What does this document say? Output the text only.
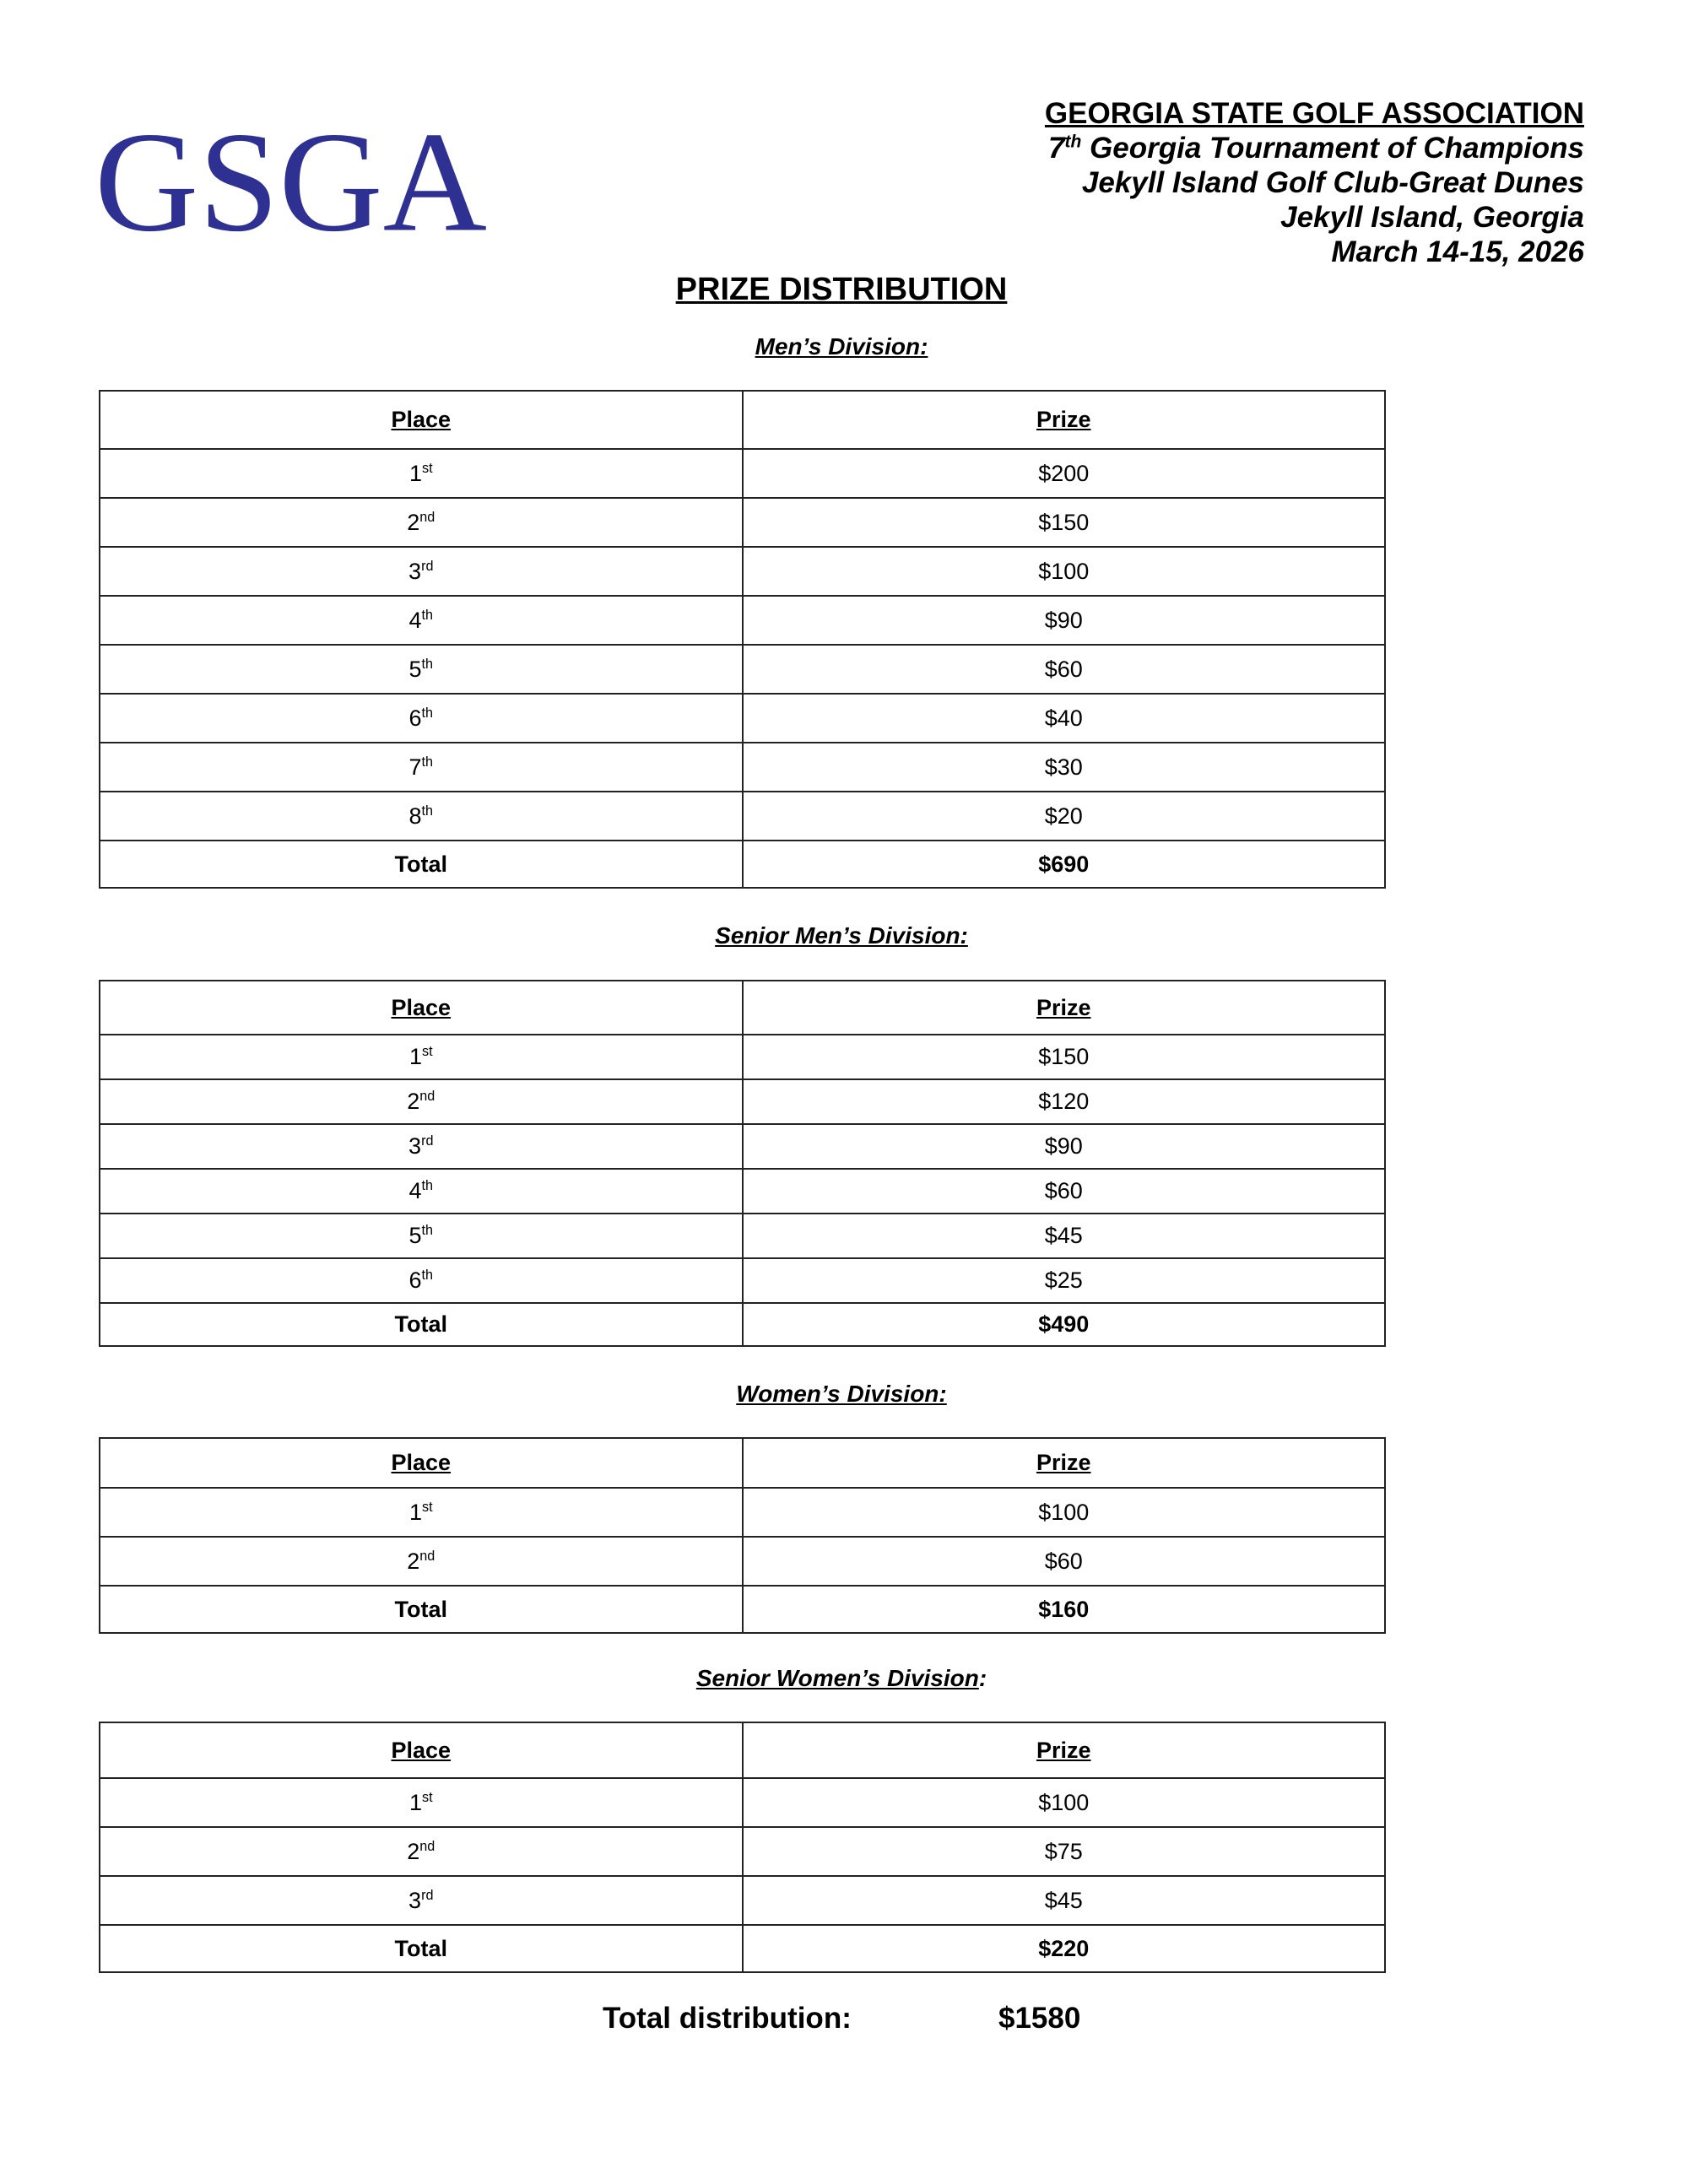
GSGA	GEORGIA STATE GOLF ASSOCIATION
7th Georgia Tournament of Champions
Jekyll Island Golf Club-Great Dunes
Jekyll Island, Georgia
March 14-15, 2026
PRIZE DISTRIBUTION
Men’s Division:
Place	Prize
1st	$200
2nd	$150
3rd	$100
4th	$90
5th	$60
6th	$40
7th	$30
8th	$20
Total	$690
Senior Men’s Division:
Place	Prize
1st	$150
2nd	$120
3rd	$90
4th	$60
5th	$45
6th	$25
Total	$490
Women’s Division:
Place	Prize
1st	$100
2nd	$60
Total	$160
Senior Women’s Division:
Place	Prize
1st	$100
2nd	$75
3rd	$45
Total	$220
Total distribution:	$1580
